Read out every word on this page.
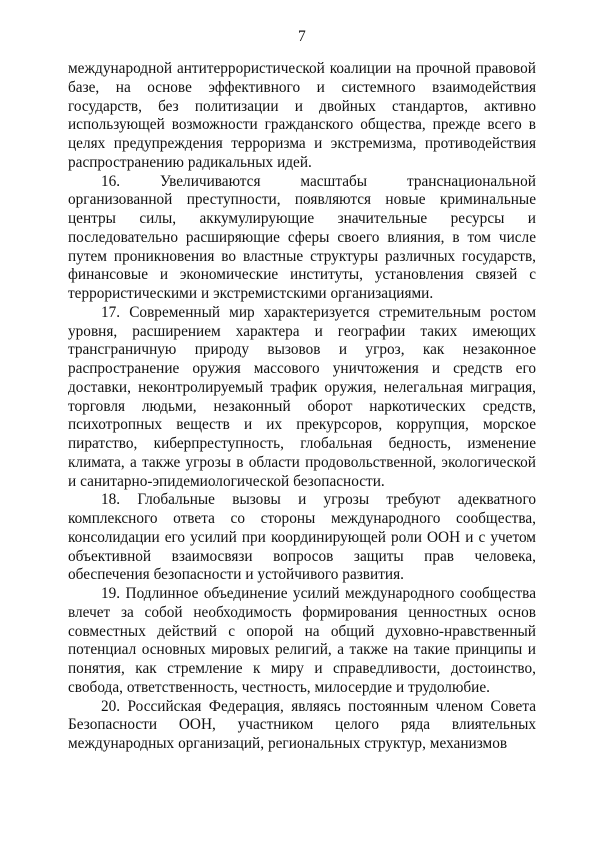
7

международной антитеррористической коалиции на прочной правовой базе, на основе эффективного и системного взаимодействия государств, без политизации и двойных стандартов, активно использующей возможности гражданского общества, прежде всего в целях предупреждения терроризма и экстремизма, противодействия распространению радикальных идей.

16. Увеличиваются масштабы транснациональной организованной преступности, появляются новые криминальные центры силы, аккумулирующие значительные ресурсы и последовательно расширяющие сферы своего влияния, в том числе путем проникновения во властные структуры различных государств, финансовые и экономические институты, установления связей с террористическими и экстремистскими организациями.

17. Современный мир характеризуется стремительным ростом уровня, расширением характера и географии таких имеющих трансграничную природу вызовов и угроз, как незаконное распространение оружия массового уничтожения и средств его доставки, неконтролируемый трафик оружия, нелегальная миграция, торговля людьми, незаконный оборот наркотических средств, психотропных веществ и их прекурсоров, коррупция, морское пиратство, киберпреступность, глобальная бедность, изменение климата, а также угрозы в области продовольственной, экологической и санитарно-эпидемиологической безопасности.

18. Глобальные вызовы и угрозы требуют адекватного комплексного ответа со стороны международного сообщества, консолидации его усилий при координирующей роли ООН и с учетом объективной взаимосвязи вопросов защиты прав человека, обеспечения безопасности и устойчивого развития.

19. Подлинное объединение усилий международного сообщества влечет за собой необходимость формирования ценностных основ совместных действий с опорой на общий духовно-нравственный потенциал основных мировых религий, а также на такие принципы и понятия, как стремление к миру и справедливости, достоинство, свобода, ответственность, честность, милосердие и трудолюбие.

20. Российская Федерация, являясь постоянным членом Совета Безопасности ООН, участником целого ряда влиятельных международных организаций, региональных структур, механизмов
